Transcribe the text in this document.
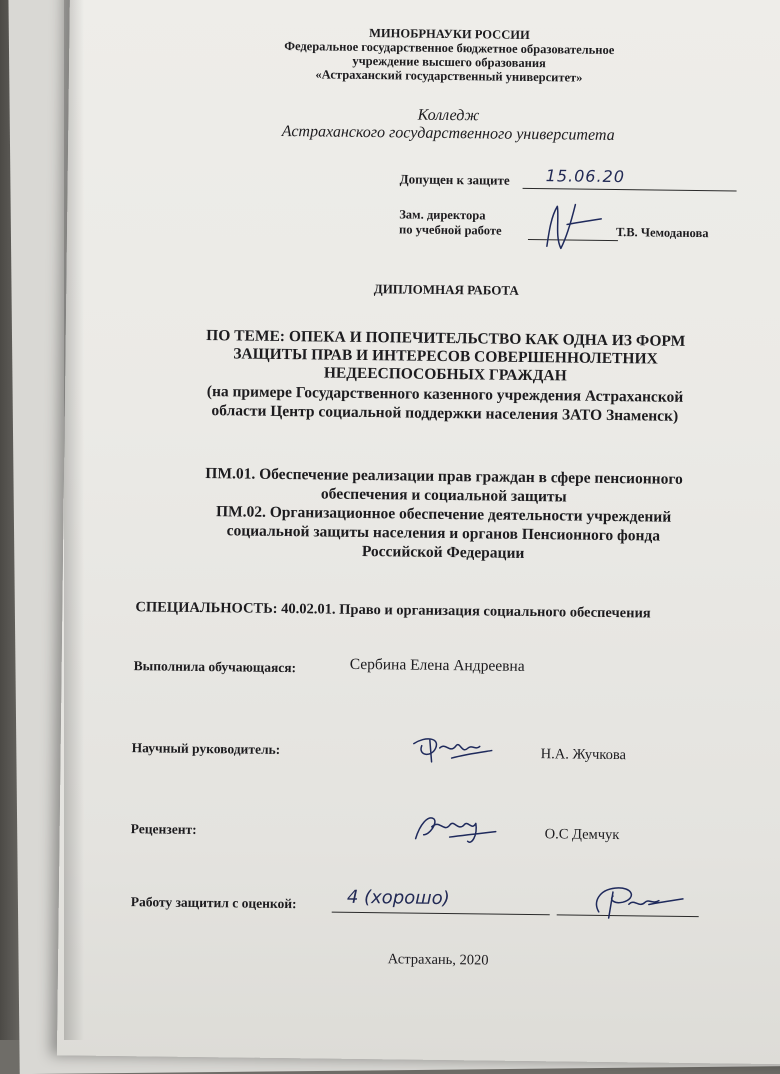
МИНОБРНАУКИ РОССИИ
Федеральное государственное бюджетное образовательное
учреждение высшего образования
«Астраханский государственный университет»
Колледж
Астраханского государственного университета
Допущен к защите 15.06.20
Зам. директора
по учебной работе	Т.В. Чемоданова
ДИПЛОМНАЯ РАБОТА
ПО ТЕМЕ: ОПЕКА И ПОПЕЧИТЕЛЬСТВО КАК ОДНА ИЗ ФОРМ
ЗАЩИТЫ ПРАВ И ИНТЕРЕСОВ СОВЕРШЕННОЛЕТНИХ
НЕДЕЕСПОСОБНЫХ ГРАЖДАН
(на примере Государственного казенного учреждения Астраханской
области Центр социальной поддержки населения ЗАТО Знаменск)
ПМ.01. Обеспечение реализации прав граждан в сфере пенсионного
обеспечения и социальной защиты
ПМ.02. Организационное обеспечение деятельности учреждений
социальной защиты населения и органов Пенсионного фонда
Российской Федерации
СПЕЦИАЛЬНОСТЬ: 40.02.01. Право и организация социального обеспечения
Выполнила обучающаяся:	Сербина Елена Андреевна
Научный руководитель:	Н.А. Жучкова
Рецензент:	О.С Демчук
Работу защитил с оценкой:	4 (хорошо)
Астрахань, 2020
